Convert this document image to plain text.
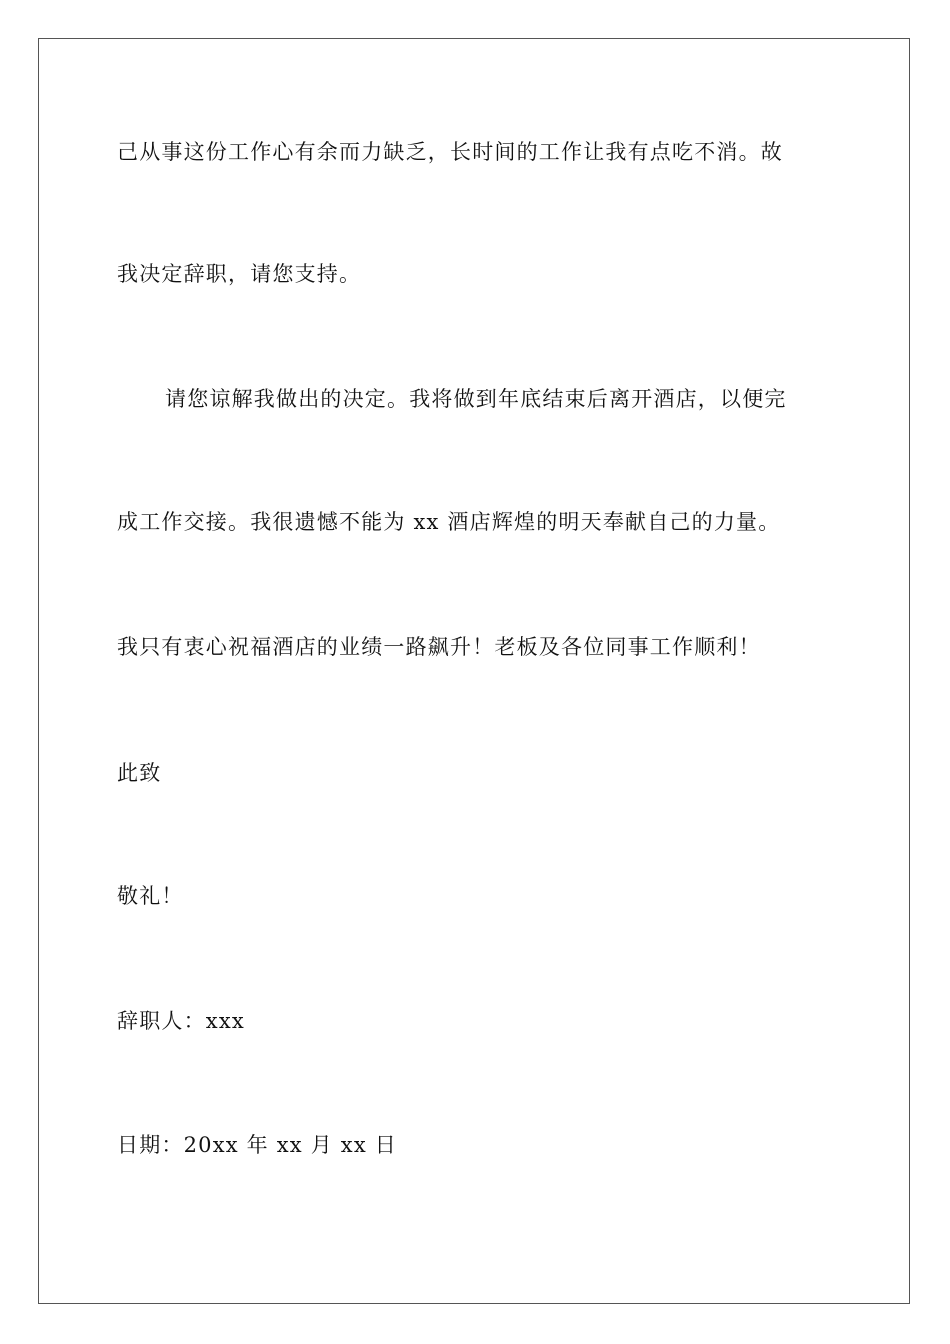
己从事这份工作心有余而力缺乏，长时间的工作让我有点吃不消。故
我决定辞职，请您支持。
请您谅解我做出的决定。我将做到年底结束后离开酒店，以便完
成工作交接。我很遗憾不能为 xx 酒店辉煌的明天奉献自己的力量。
我只有衷心祝福酒店的业绩一路飙升！老板及各位同事工作顺利！
此致
敬礼！
辞职人：xxx
日期：20xx 年 xx 月 xx 日
